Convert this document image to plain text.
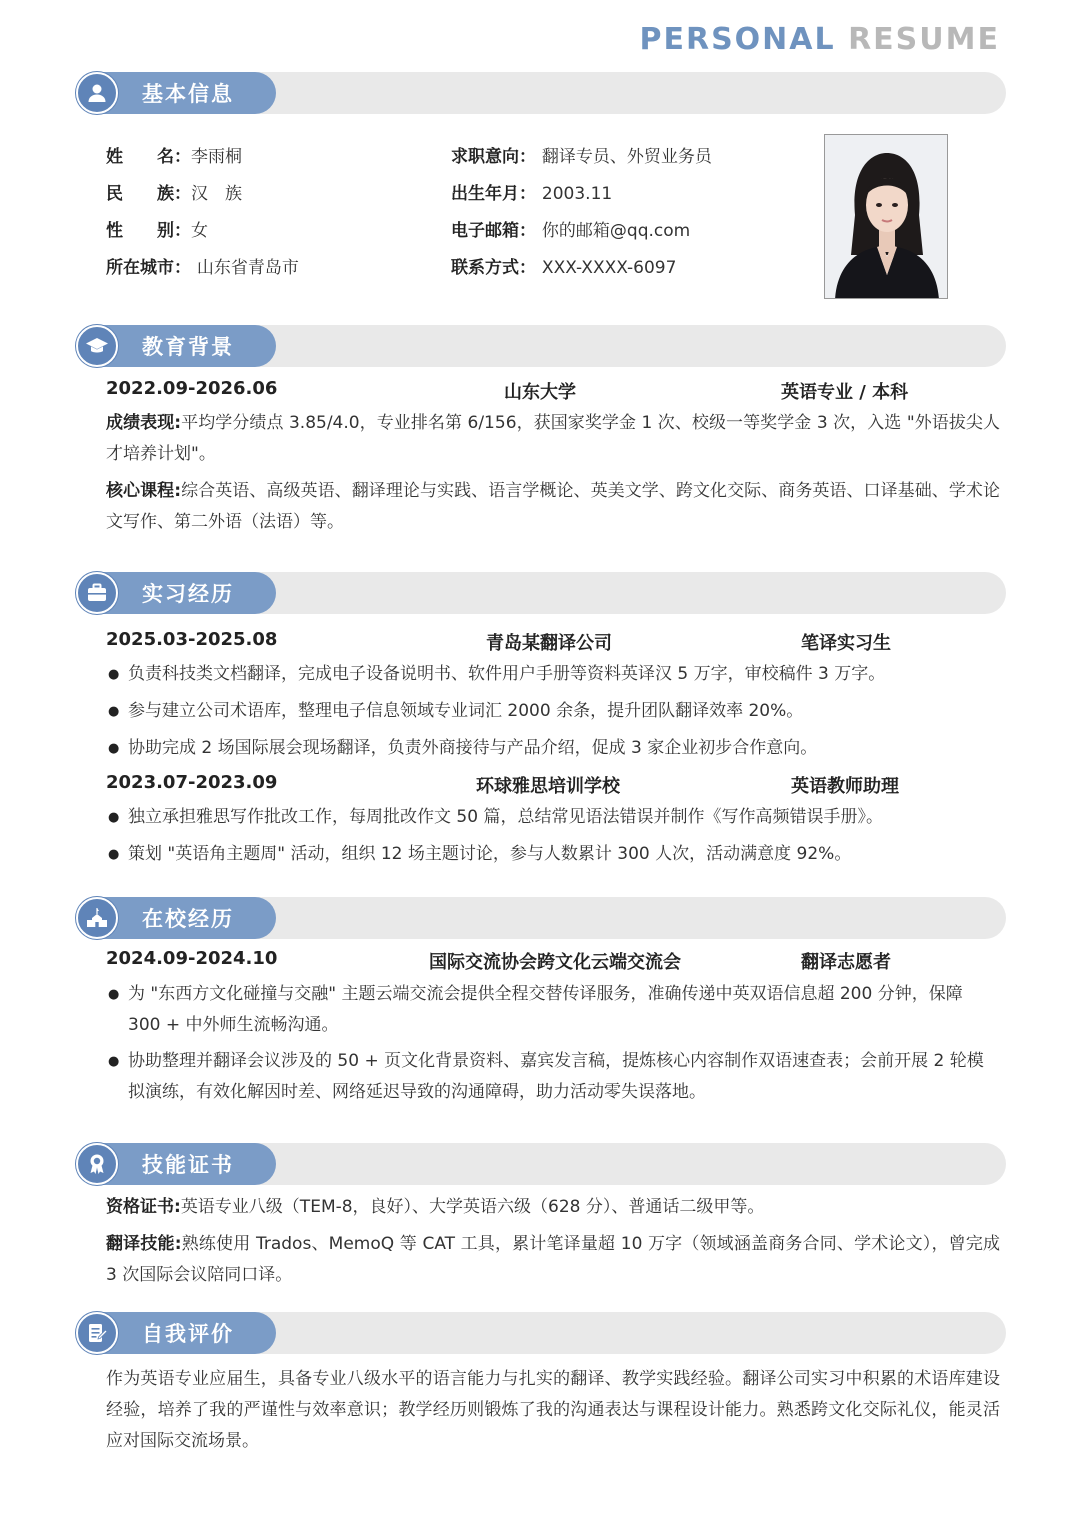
PERSONAL RESUME
基本信息
姓　　名：李雨桐
民　　族：汉　族
性　　别：女
所在城市： 山东省青岛市
求职意向： 翻译专员、外贸业务员
出生年月： 2003.11
电子邮箱： 你的邮箱@qq.com
联系方式： XXX-XXXX-6097
教育背景
2022.09-2026.06	山东大学	英语专业 / 本科
成绩表现:平均学分绩点 3.85/4.0，专业排名第 6/156，获国家奖学金 1 次、校级一等奖学金 3 次，入选 "外语拔尖人才培养计划"。
核心课程:综合英语、高级英语、翻译理论与实践、语言学概论、英美文学、跨文化交际、商务英语、口译基础、学术论文写作、第二外语（法语）等。
实习经历
2025.03-2025.08	青岛某翻译公司	笔译实习生
● 负责科技类文档翻译，完成电子设备说明书、软件用户手册等资料英译汉 5 万字，审校稿件 3 万字。
● 参与建立公司术语库，整理电子信息领域专业词汇 2000 余条，提升团队翻译效率 20%。
● 协助完成 2 场国际展会现场翻译，负责外商接待与产品介绍，促成 3 家企业初步合作意向。
2023.07-2023.09	环球雅思培训学校	英语教师助理
● 独立承担雅思写作批改工作，每周批改作文 50 篇，总结常见语法错误并制作《写作高频错误手册》。
● 策划 "英语角主题周" 活动，组织 12 场主题讨论，参与人数累计 300 人次，活动满意度 92%。
在校经历
2024.09-2024.10	国际交流协会跨文化云端交流会	翻译志愿者
● 为 "东西方文化碰撞与交融" 主题云端交流会提供全程交替传译服务，准确传递中英双语信息超 200 分钟，保障 300 + 中外师生流畅沟通。
● 协助整理并翻译会议涉及的 50 + 页文化背景资料、嘉宾发言稿，提炼核心内容制作双语速查表；会前开展 2 轮模拟演练，有效化解因时差、网络延迟导致的沟通障碍，助力活动零失误落地。
技能证书
资格证书:英语专业八级（TEM-8，良好）、大学英语六级（628 分）、普通话二级甲等。
翻译技能:熟练使用 Trados、MemoQ 等 CAT 工具，累计笔译量超 10 万字（领域涵盖商务合同、学术论文），曾完成 3 次国际会议陪同口译。
自我评价
作为英语专业应届生，具备专业八级水平的语言能力与扎实的翻译、教学实践经验。翻译公司实习中积累的术语库建设经验，培养了我的严谨性与效率意识；教学经历则锻炼了我的沟通表达与课程设计能力。熟悉跨文化交际礼仪，能灵活应对国际交流场景。
